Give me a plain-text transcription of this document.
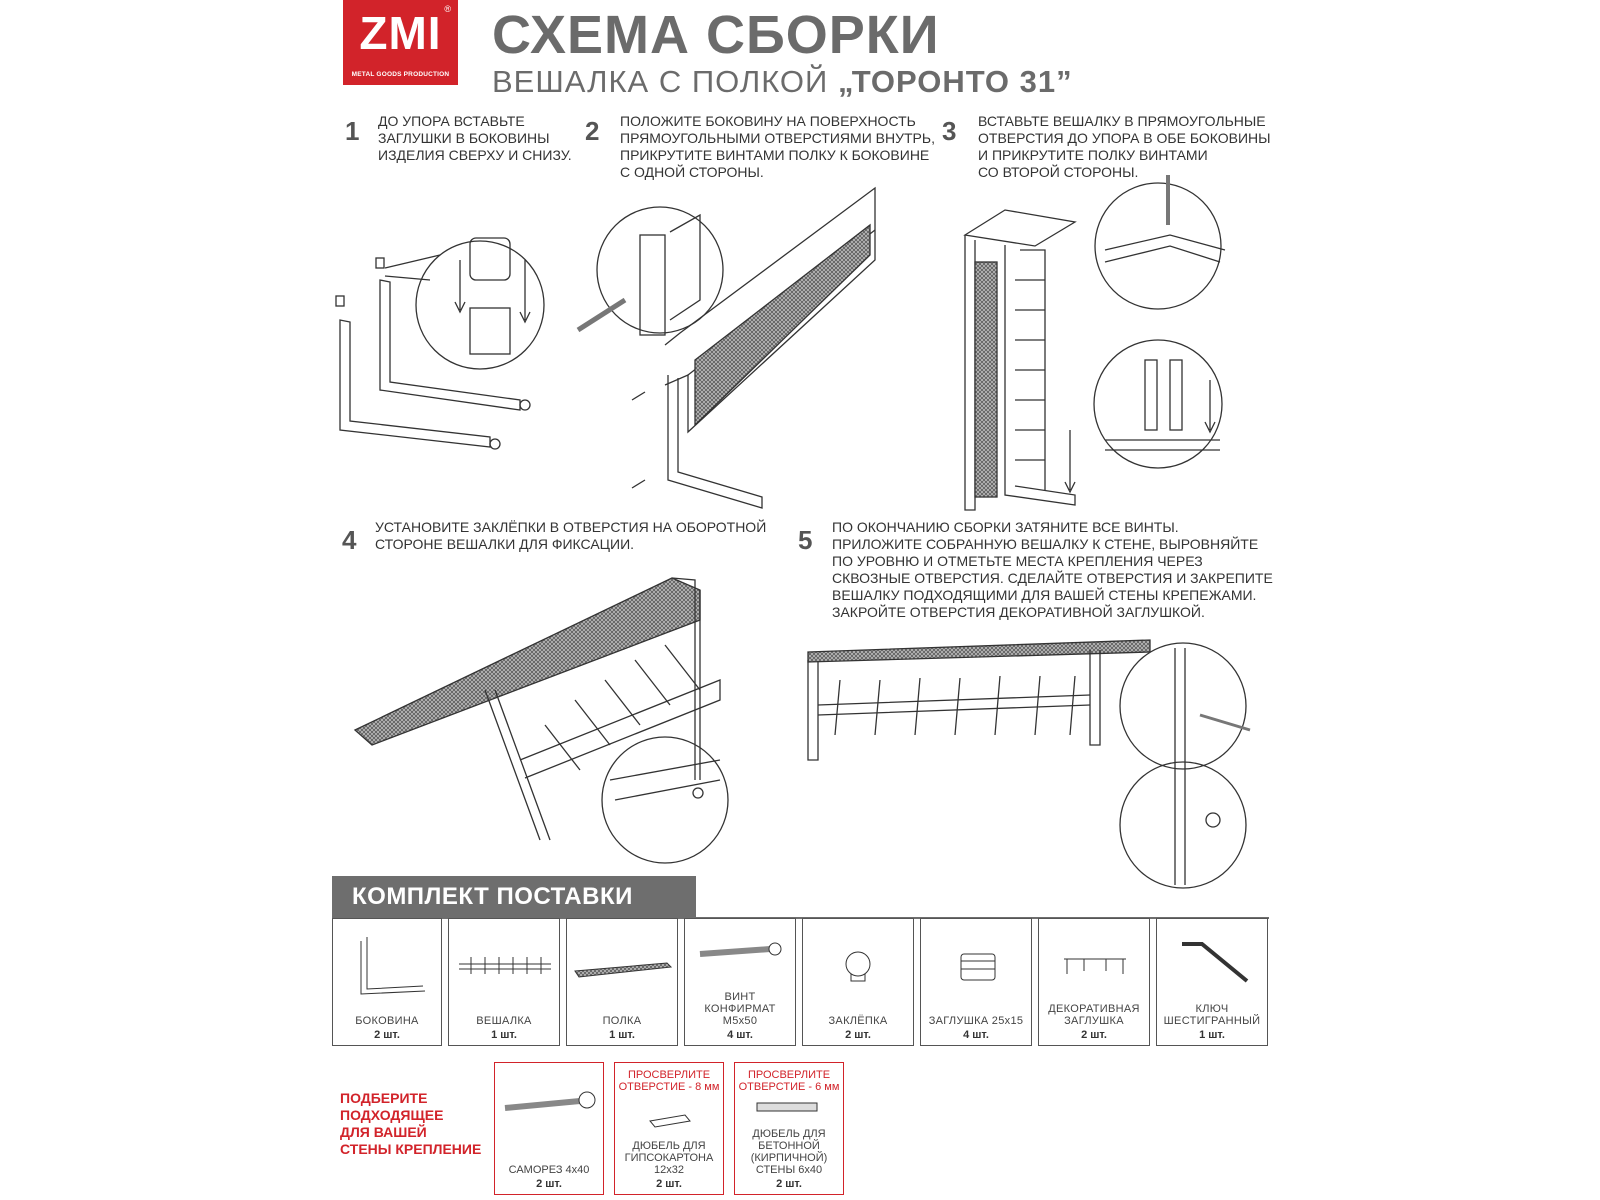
ZMI ®
METAL GOODS PRODUCTION
СХЕМА СБОРКИ
ВЕШАЛКА С ПОЛКОЙ „ТОРОНТО 31”
1 ДО УПОРА ВСТАВЬТЕ
ЗАГЛУШКИ В БОКОВИНЫ
ИЗДЕЛИЯ СВЕРХУ И СНИЗУ.
2 ПОЛОЖИТЕ БОКОВИНУ НА ПОВЕРХНОСТЬ
ПРЯМОУГОЛЬНЫМИ ОТВЕРСТИЯМИ ВНУТРЬ,
ПРИКРУТИТЕ ВИНТАМИ ПОЛКУ К БОКОВИНЕ
С ОДНОЙ СТОРОНЫ.
3 ВСТАВЬТЕ ВЕШАЛКУ В ПРЯМОУГОЛЬНЫЕ
ОТВЕРСТИЯ ДО УПОРА В ОБЕ БОКОВИНЫ
И ПРИКРУТИТЕ ПОЛКУ ВИНТАМИ
СО ВТОРОЙ СТОРОНЫ.
4 УСТАНОВИТЕ ЗАКЛЁПКИ В ОТВЕРСТИЯ НА ОБОРОТНОЙ
СТОРОНЕ ВЕШАЛКИ ДЛЯ ФИКСАЦИИ.	5 ПО ОКОНЧАНИЮ СБОРКИ ЗАТЯНИТЕ ВСЕ ВИНТЫ.
ПРИЛОЖИТЕ СОБРАННУЮ ВЕШАЛКУ К СТЕНЕ, ВЫРОВНЯЙТЕ
ПО УРОВНЮ И ОТМЕТЬТЕ МЕСТА КРЕПЛЕНИЯ ЧЕРЕЗ
СКВОЗНЫЕ ОТВЕРСТИЯ. СДЕЛАЙТЕ ОТВЕРСТИЯ И ЗАКРЕПИТЕ
ВЕШАЛКУ ПОДХОДЯЩИМИ ДЛЯ ВАШЕЙ СТЕНЫ КРЕПЕЖАМИ.
ЗАКРОЙТЕ ОТВЕРСТИЯ ДЕКОРАТИВНОЙ ЗАГЛУШКОЙ.
КОМПЛЕКТ ПОСТАВКИ
БОКОВИНА
2 шт.
ВЕШАЛКА
1 шт.
ПОЛКА
1 шт.
ВИНТ
КОНФИРМАТ
М5х50
4 шт.
ЗАКЛЁПКА
2 шт.
ЗАГЛУШКА 25х15
4 шт.
ДЕКОРАТИВНАЯ
ЗАГЛУШКА
2 шт.
КЛЮЧ
ШЕСТИГРАННЫЙ
1 шт.
ПОДБЕРИТЕ
ПОДХОДЯЩЕЕ
ДЛЯ ВАШЕЙ
СТЕНЫ КРЕПЛЕНИЕ
САМОРЕЗ 4х40
2 шт.
ПРОСВЕРЛИТЕ
ОТВЕРСТИЕ - 8 мм
ДЮБЕЛЬ ДЛЯ
ГИПСОКАРТОНА
12х32
2 шт.
ПРОСВЕРЛИТЕ
ОТВЕРСТИЕ - 6 мм
ДЮБЕЛЬ ДЛЯ
БЕТОННОЙ
(КИРПИЧНОЙ)
СТЕНЫ 6х40
2 шт.
